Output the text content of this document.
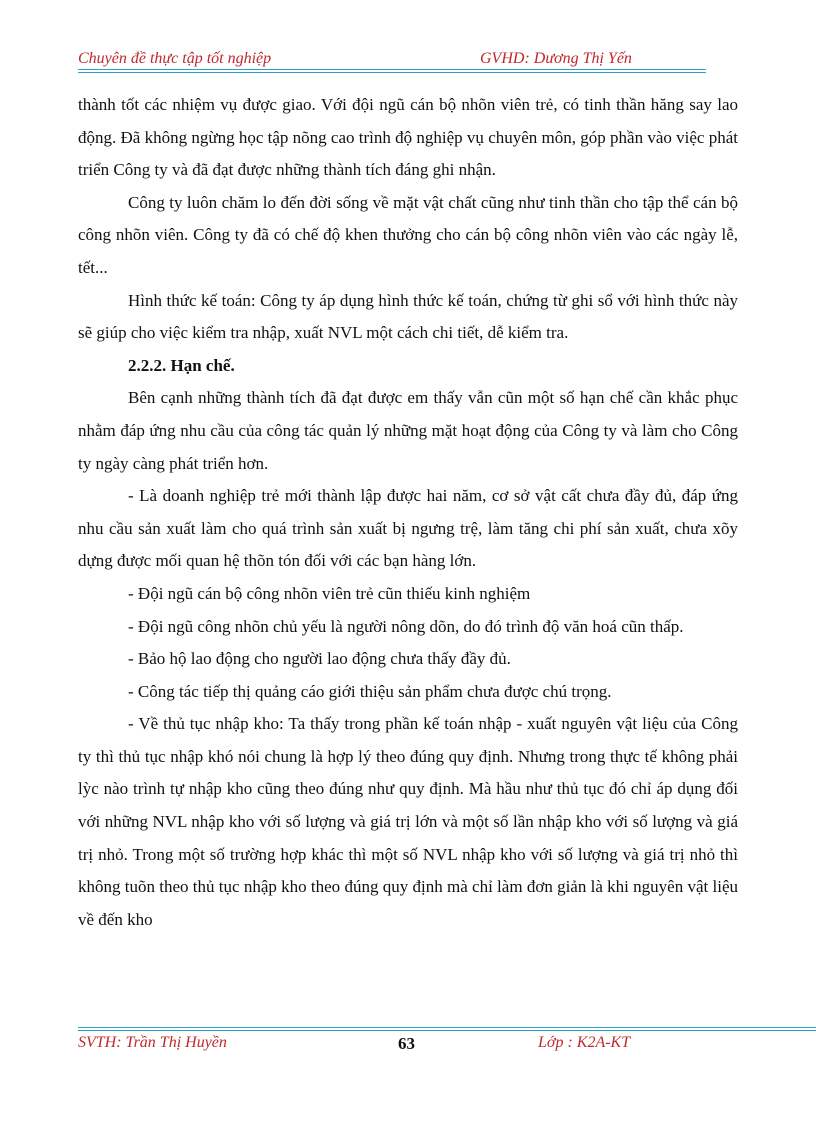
Chuyên đề thực tập tốt nghiệp	GVHD: Dương Thị Yến

thành tốt các nhiệm vụ được giao. Với đội ngũ cán bộ nhõn viên trẻ, có tinh thần hăng say lao động. Đã không ngừng học tập nõng cao trình độ nghiệp vụ chuyên môn, góp phần vào việc phát triển Công ty và đã đạt được những thành tích đáng ghi nhận.

Công ty luôn chăm lo đến đời sống về mặt vật chất cũng như tinh thần cho tập thể cán bộ công nhõn viên. Công ty đã có chế độ khen thưởng cho cán bộ công nhõn viên vào các ngày lễ, tết...

Hình thức kế toán: Công ty áp dụng hình thức kế toán, chứng từ ghi sổ với hình thức này sẽ giúp cho việc kiểm tra nhập, xuất NVL một cách chi tiết, dễ kiểm tra.

2.2.2. Hạn chế.

Bên cạnh những thành tích đã đạt được em thấy vẫn cũn một số hạn chế cần khắc phục nhằm đáp ứng nhu cầu của công tác quản lý những mặt hoạt động của Công ty và làm cho Công ty ngày càng phát triển hơn.

- Là doanh nghiệp trẻ mới thành lập được hai năm, cơ sở vật cất chưa đầy đủ, đáp ứng nhu cầu sản xuất làm cho quá trình sản xuất bị ngưng trệ, làm tăng chi phí sản xuất, chưa xõy dựng được mối quan hệ thõn tón đối với các bạn hàng lớn.

- Đội ngũ cán bộ công nhõn viên trẻ cũn thiếu kinh nghiệm

- Đội ngũ công nhõn chủ yếu là người nông dõn, do đó trình độ văn hoá cũn thấp.

- Bảo hộ lao động cho người lao động chưa thấy đầy đủ.

- Công tác tiếp thị quảng cáo giới thiệu sản phẩm chưa được chú trọng.

- Về thủ tục nhập kho: Ta thấy trong phần kế toán nhập - xuất nguyên vật liệu của Công ty thì thủ tục nhập khó nói chung là hợp lý theo đúng quy định. Nhưng trong thực tế không phải lỳc nào trình tự nhập kho cũng theo đúng như quy định. Mà hầu như thủ tục đó chỉ áp dụng đối với những NVL nhập kho với số lượng và giá trị lớn và một số lần nhập kho với số lượng và giá trị nhỏ. Trong một số trường hợp khác thì một số NVL nhập kho với số lượng và giá trị nhỏ thì không tuõn theo thủ tục nhập kho theo đúng quy định mà chỉ làm đơn giản là khi nguyên vật liệu về đến kho

SVTH: Trần Thị Huyền	63	Lớp : K2A-KT
